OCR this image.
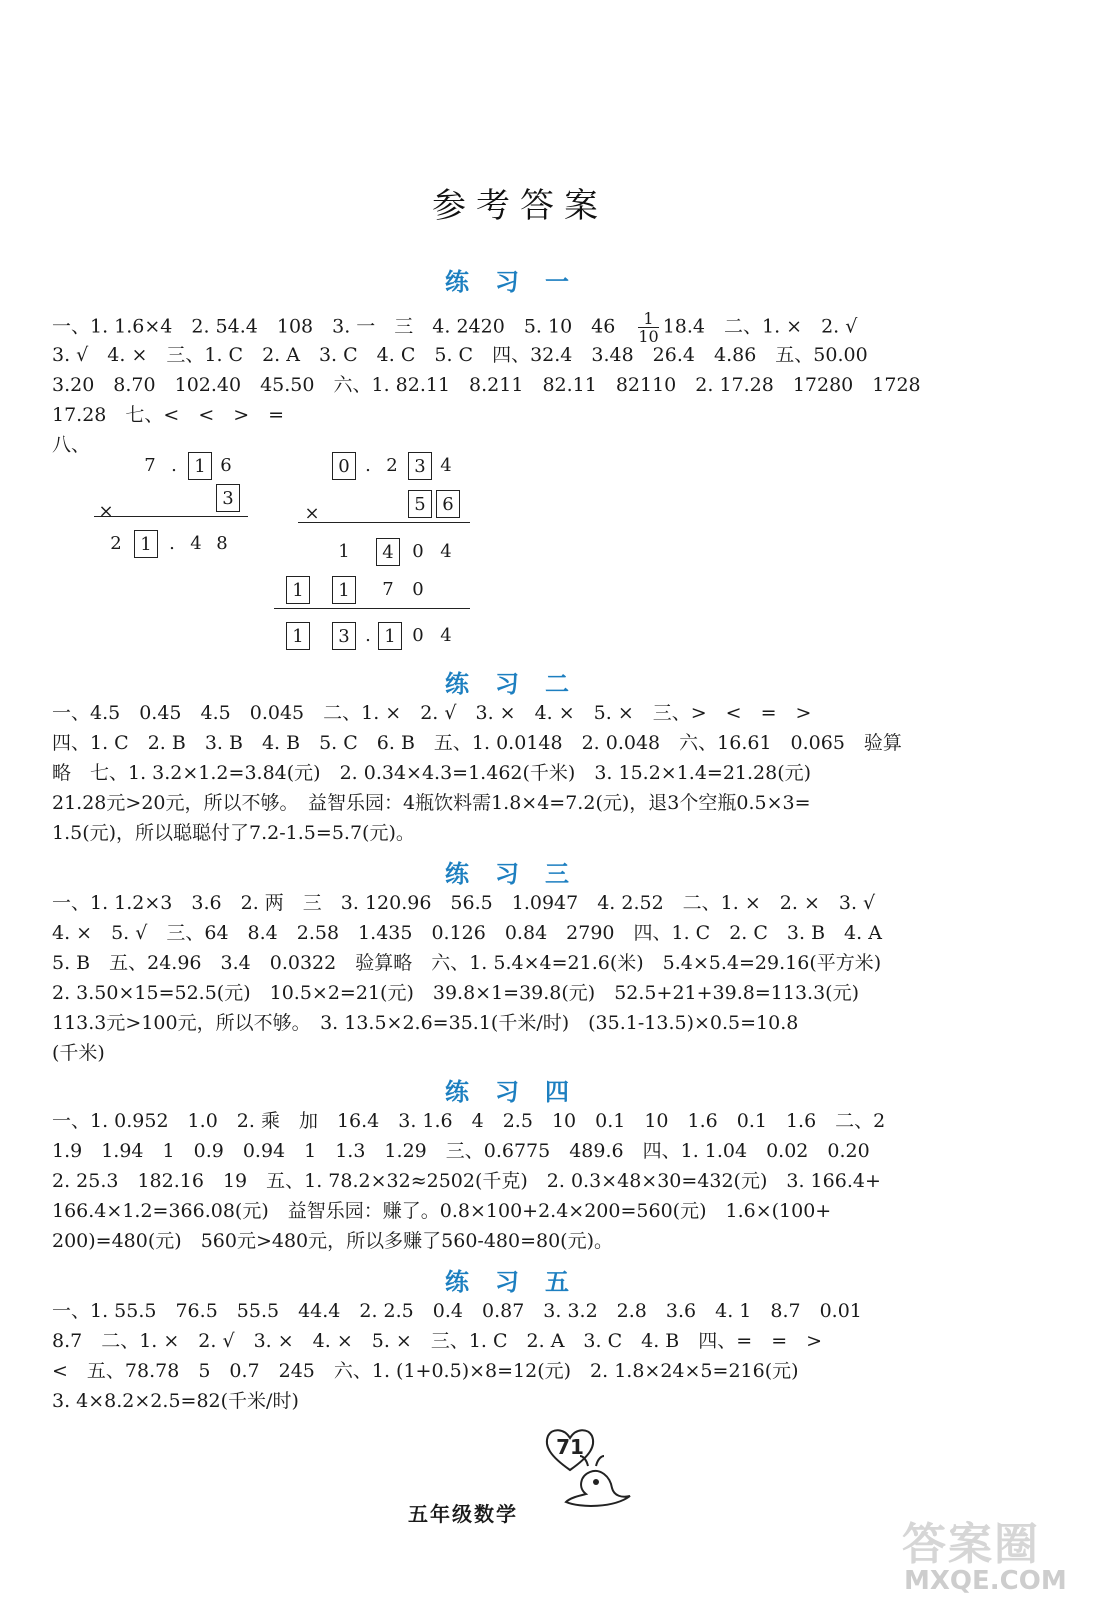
参考答案
练习一
一、1. 1.6×4　2. 54.4　108　3. 一　三　4. 2420　5. 10　46　 $\frac{1}{10} 18.4$　二、1. ×　2. √
3. √　4. ×　三、1. C　2. A　3. C　4. C　5. C　四、32.4　3.48　26.4　4.86　五、50.00
3.20　8.70　102.40　45.50　六、1. 82.11　8.211　82.11　82110　2. 17.28　17280　1728
17.28　七、<　<　>　=
八、
7 . 1 6
×
3
2	1 . 4 8
0 . 2 3 4
×	5 6
1	4	0 4
1	1	7	0
1	3 . 1 0 4
练习二
一、4.5　0.45　4.5　0.045　二、1. ×　2. √　3. ×　4. ×　5. ×　三、>　<　=　>
四、1. C　2. B　3. B　4. B　5. C　6. B　五、1. 0.0148　2. 0.048　六、16.61　0.065　验算
略　七、1. 3.2×1.2=3.84(元)　2. 0.34×4.3=1.462(千米)　3. 15.2×1.4=21.28(元)
21.28元>20元，所以不够。　益智乐园：4瓶饮料需1.8×4=7.2(元)，退3个空瓶0.5×3=
1.5(元)，所以聪聪付了7.2-1.5=5.7(元)。
练习三
一、1. 1.2×3　3.6　2. 两　三　3. 120.96　56.5　1.0947　4. 2.52　二、1. ×　2. ×　3. √
4. ×　5. √　三、64　8.4　2.58　1.435　0.126　0.84　2790　四、1. C　2. C　3. B　4. A
5. B　五、24.96　3.4　0.0322　验算略　六、1. 5.4×4=21.6(米)　5.4×5.4=29.16(平方米)
2. 3.50×15=52.5(元)　10.5×2=21(元)　39.8×1=39.8(元)　52.5+21+39.8=113.3(元)
113.3元>100元，所以不够。　3. 13.5×2.6=35.1(千米/时)　(35.1-13.5)×0.5=10.8
(千米)
练习四
一、1. 0.952　1.0　2. 乘　加　16.4　3. 1.6　4　2.5　10　0.1　10　1.6　0.1　1.6　二、2
1.9　1.94　1　0.9　0.94　1　1.3　1.29　三、0.6775　489.6　四、1. 1.04　0.02　0.20
2. 25.3　182.16　19　五、1. 78.2×32≈2502(千克)　2. 0.3×48×30=432(元)　3. 166.4+
166.4×1.2=366.08(元)　益智乐园：赚了。0.8×100+2.4×200=560(元)　1.6×(100+
200)=480(元)　560元>480元，所以多赚了560-480=80(元)。
练习五
一、1. 55.5　76.5　55.5　44.4　2. 2.5　0.4　0.87　3. 3.2　2.8　3.6　4. 1　8.7　0.01
8.7　二、1. ×　2. √　3. ×　4. ×　5. ×　三、1. C　2. A　3. C　4. B　四、=　=　>
<　五、78.78　5　0.7　245　六、1. (1+0.5)×8=12(元)　2. 1.8×24×5=216(元)
3. 4×8.2×2.5=82(千米/时)
71
五年级数学
答案圈
MXQE.COM
